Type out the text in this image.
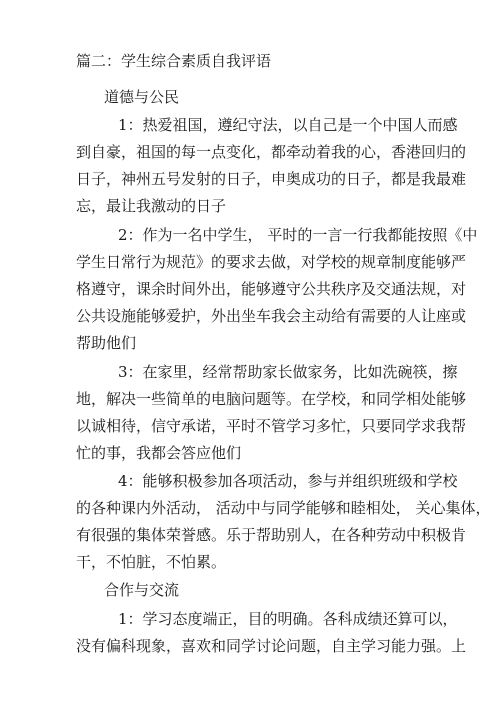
篇二：学生综合素质自我评语
道德与公民
1：热爱祖国，遵纪守法，以自己是一个中国人而感
到自豪，祖国的每一点变化，都牵动着我的心，香港回归的
日子，神州五号发射的日子，申奥成功的日子，都是我最难
忘，最让我激动的日子
2：作为一名中学生， 平时的一言一行我都能按照《中
学生日常行为规范》的要求去做，对学校的规章制度能够严
格遵守，课余时间外出，能够遵守公共秩序及交通法规，对
公共设施能够爱护，外出坐车我会主动给有需要的人让座或
帮助他们
3：在家里，经常帮助家长做家务，比如洗碗筷，擦
地，解决一些简单的电脑问题等。在学校，和同学相处能够
以诚相待，信守承诺，平时不管学习多忙，只要同学求我帮
忙的事，我都会答应他们
4：能够积极参加各项活动，参与并组织班级和学校
的各种课内外活动， 活动中与同学能够和睦相处， 关心集体，
有很强的集体荣誉感。乐于帮助别人，在各种劳动中积极肯
干，不怕脏，不怕累。
合作与交流
1：学习态度端正，目的明确。各科成绩还算可以，
没有偏科现象，喜欢和同学讨论问题，自主学习能力强。上
